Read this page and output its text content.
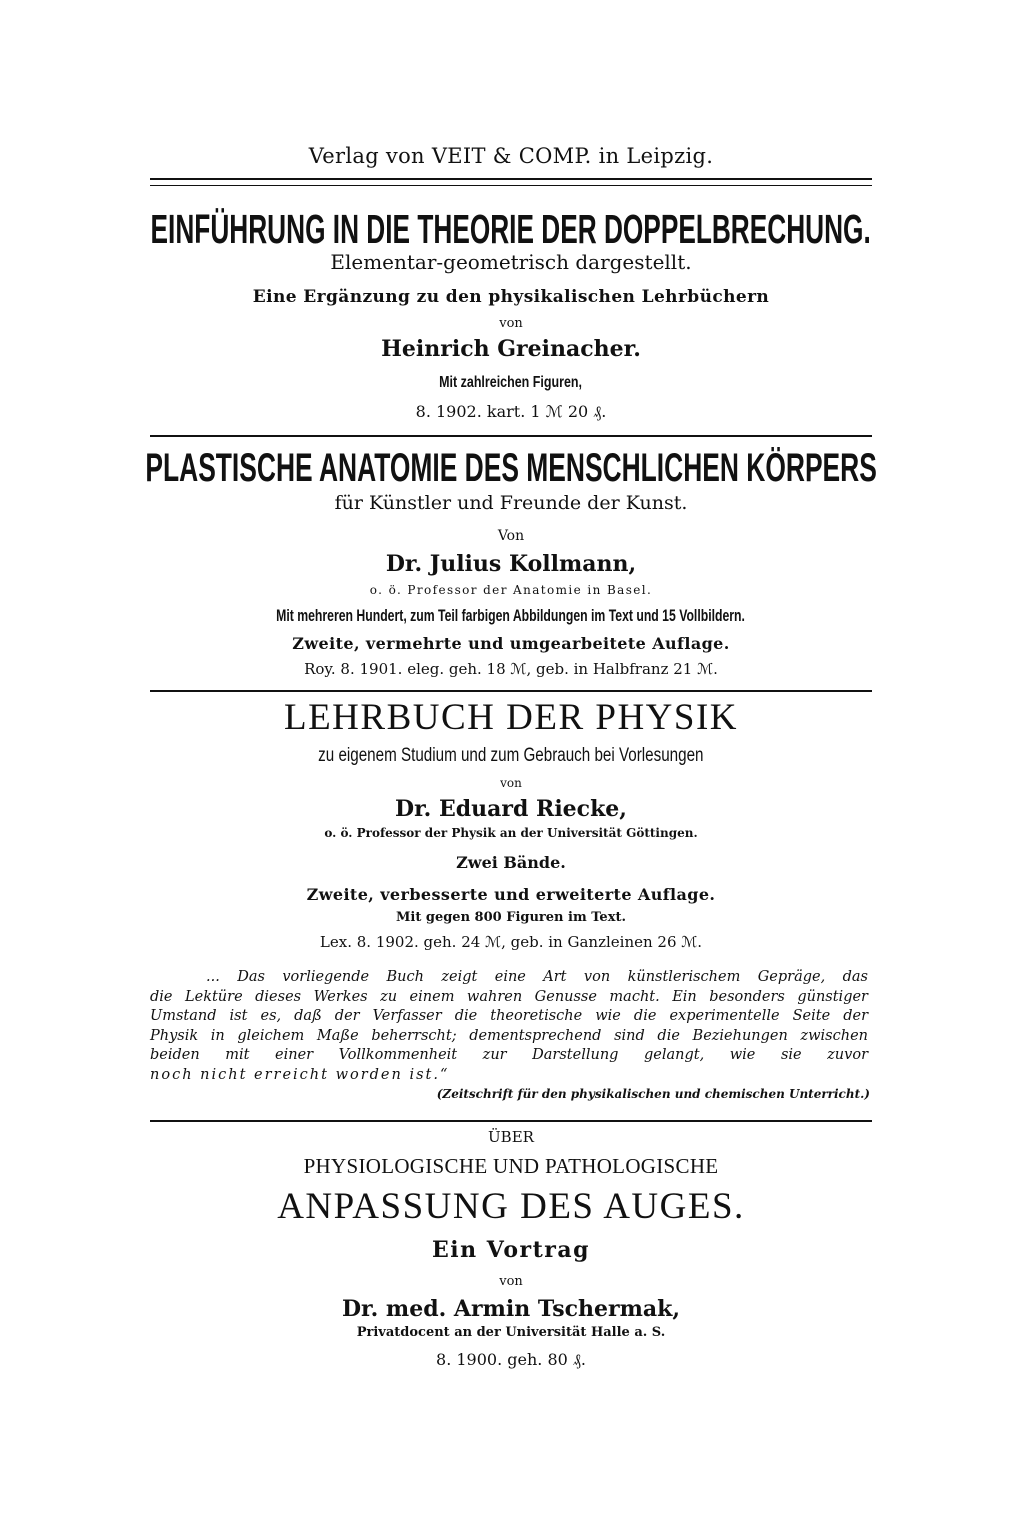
Verlag von VEIT & COMP. in Leipzig.
EINFÜHRUNG IN DIE THEORIE DER DOPPELBRECHUNG.
Elementar-geometrisch dargestellt.
Eine Ergänzung zu den physikalischen Lehrbüchern
von
Heinrich Greinacher.
Mit zahlreichen Figuren,
8. 1902. kart. 1 ℳ 20 ₰.
PLASTISCHE ANATOMIE DES MENSCHLICHEN KÖRPERS
für Künstler und Freunde der Kunst.
Von
Dr. Julius Kollmann,
o. ö. Professor der Anatomie in Basel.
Mit mehreren Hundert, zum Teil farbigen Abbildungen im Text und 15 Vollbildern.
Zweite, vermehrte und umgearbeitete Auflage.
Roy. 8. 1901. eleg. geh. 18 ℳ, geb. in Halbfranz 21 ℳ.
LEHRBUCH DER PHYSIK
zu eigenem Studium und zum Gebrauch bei Vorlesungen
von
Dr. Eduard Riecke,
o. ö. Professor der Physik an der Universität Göttingen.
Zwei Bände.
Zweite, verbesserte und erweiterte Auflage.
Mit gegen 800 Figuren im Text.
Lex. 8. 1902. geh. 24 ℳ, geb. in Ganzleinen 26 ℳ.
... Das vorliegende Buch zeigt eine Art von künstlerischem Gepräge, das
die Lektüre dieses Werkes zu einem wahren Genusse macht. Ein besonders günstiger
Umstand ist es, daß der Verfasser die theoretische wie die experimentelle Seite der
Physik in gleichem Maße beherrscht; dementsprechend sind die Beziehungen zwischen
beiden mit einer Vollkommenheit zur Darstellung gelangt, wie sie zuvor
noch nicht erreicht worden ist.“
(Zeitschrift für den physikalischen und chemischen Unterricht.)
ÜBER
PHYSIOLOGISCHE UND PATHOLOGISCHE
ANPASSUNG DES AUGES.
Ein Vortrag
von
Dr. med. Armin Tschermak,
Privatdocent an der Universität Halle a. S.
8. 1900. geh. 80 ₰.
